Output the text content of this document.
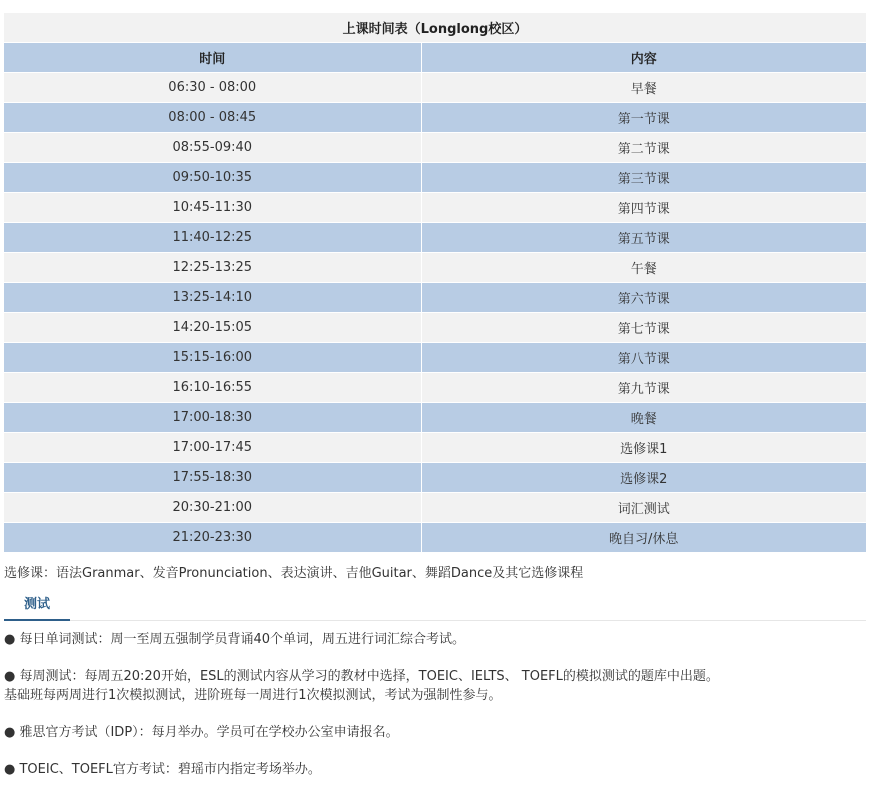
上课时间表（Longlong校区）	
时间	内容
06:30 - 08:00	早餐
08:00 - 08:45	第一节课
08:55-09:40	第二节课
09:50-10:35	第三节课
10:45-11:30	第四节课
11:40-12:25	第五节课
12:25-13:25	午餐
13:25-14:10	第六节课
14:20-15:05	第七节课
15:15-16:00	第八节课
16:10-16:55	第九节课
17:00-18:30	晚餐
17:00-17:45	选修课1
17:55-18:30	选修课2
20:30-21:00	词汇测试
21:20-23:30	晚自习/休息
选修课：语法Granmar、发音Pronunciation、表达演讲、吉他Guitar、舞蹈Dance及其它选修课程
测试
● 每日单词测试：周一至周五强制学员背诵40个单词，周五进行词汇综合考试。
● 每周测试：每周五20:20开始，ESL的测试内容从学习的教材中选择，TOEIC、IELTS、 TOEFL的模拟测试的题库中出题。
基础班每两周进行1次模拟测试，进阶班每一周进行1次模拟测试，考试为强制性参与。
● 雅思官方考试（IDP）：每月举办。学员可在学校办公室申请报名。
● TOEIC、TOEFL官方考试：碧瑶市内指定考场举办。
